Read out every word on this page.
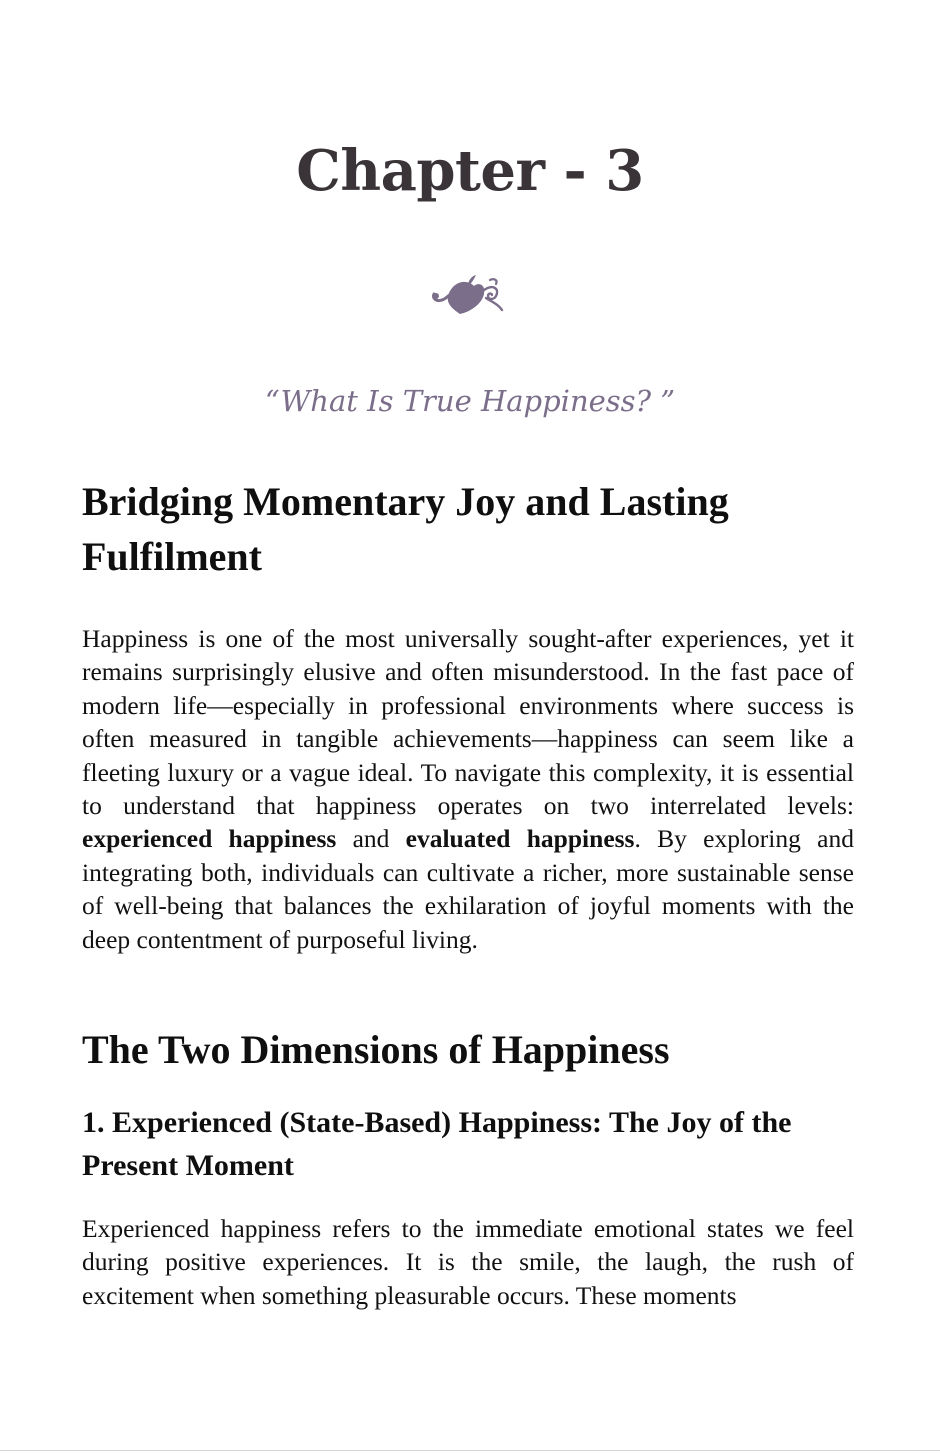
Chapter - 3

“What Is True Happiness? ”

Bridging Momentary Joy and Lasting Fulfilment

Happiness is one of the most universally sought-after experiences, yet it remains surprisingly elusive and often misunderstood. In the fast pace of modern life—especially in professional environments where success is often measured in tangible achievements—happiness can seem like a fleeting luxury or a vague ideal. To navigate this complexity, it is essential to understand that happiness operates on two interrelated levels: experienced happiness and evaluated happiness. By exploring and integrating both, individuals can cultivate a richer, more sustainable sense of well-being that balances the exhilaration of joyful moments with the deep contentment of purposeful living.

The Two Dimensions of Happiness
1. Experienced (State-Based) Happiness: The Joy of the Present Moment

Experienced happiness refers to the immediate emotional states we feel during positive experiences. It is the smile, the laugh, the rush of excitement when something pleasurable occurs. These moments
